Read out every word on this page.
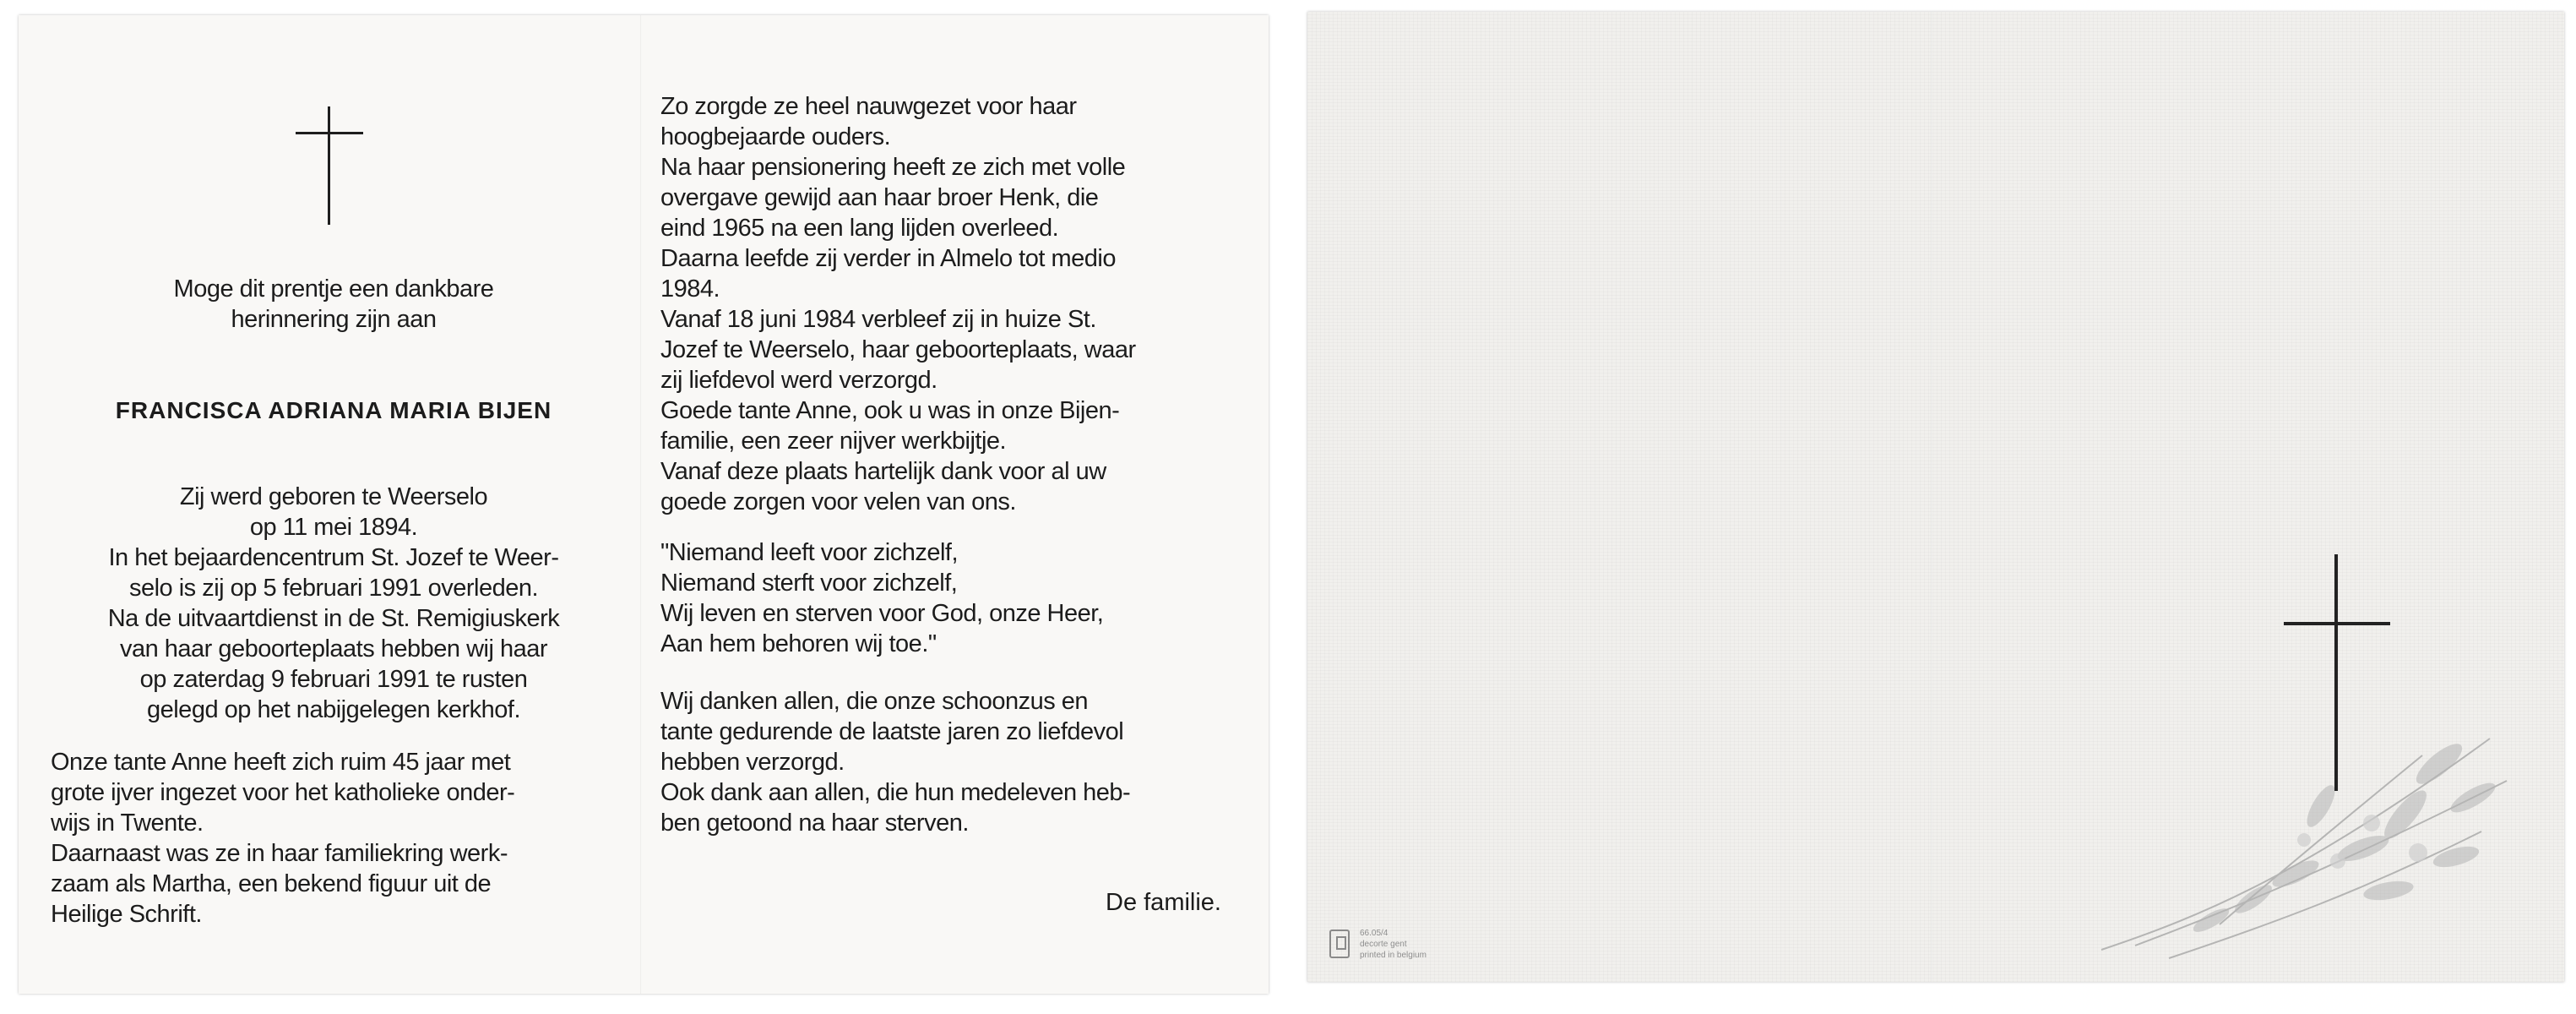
Moge dit prentje een dankbare
herinnering zijn aan
FRANCISCA ADRIANA MARIA BIJEN
Zij werd geboren te Weerselo
op 11 mei 1894.
In het bejaardencentrum St. Jozef te Weer-
selo is zij op 5 februari 1991 overleden.
Na de uitvaartdienst in de St. Remigiuskerk
van haar geboorteplaats hebben wij haar
op zaterdag 9 februari 1991 te rusten
gelegd op het nabijgelegen kerkhof.
Onze tante Anne heeft zich ruim 45 jaar met
grote ijver ingezet voor het katholieke onder-
wijs in Twente.
Daarnaast was ze in haar familiekring werk-
zaam als Martha, een bekend figuur uit de
Heilige Schrift.
Zo zorgde ze heel nauwgezet voor haar
hoogbejaarde ouders.
Na haar pensionering heeft ze zich met volle
overgave gewijd aan haar broer Henk, die
eind 1965 na een lang lijden overleed.
Daarna leefde zij verder in Almelo tot medio
1984.
Vanaf 18 juni 1984 verbleef zij in huize St.
Jozef te Weerselo, haar geboorteplaats, waar
zij liefdevol werd verzorgd.
Goede tante Anne, ook u was in onze Bijen-
familie, een zeer nijver werkbijtje.
Vanaf deze plaats hartelijk dank voor al uw
goede zorgen voor velen van ons.
"Niemand leeft voor zichzelf,
Niemand sterft voor zichzelf,
Wij leven en sterven voor God, onze Heer,
Aan hem behoren wij toe."
Wij danken allen, die onze schoonzus en
tante gedurende de laatste jaren zo liefdevol
hebben verzorgd.
Ook dank aan allen, die hun medeleven heb-
ben getoond na haar sterven.
De familie.
66.05/4
decorte gent
printed in belgium
